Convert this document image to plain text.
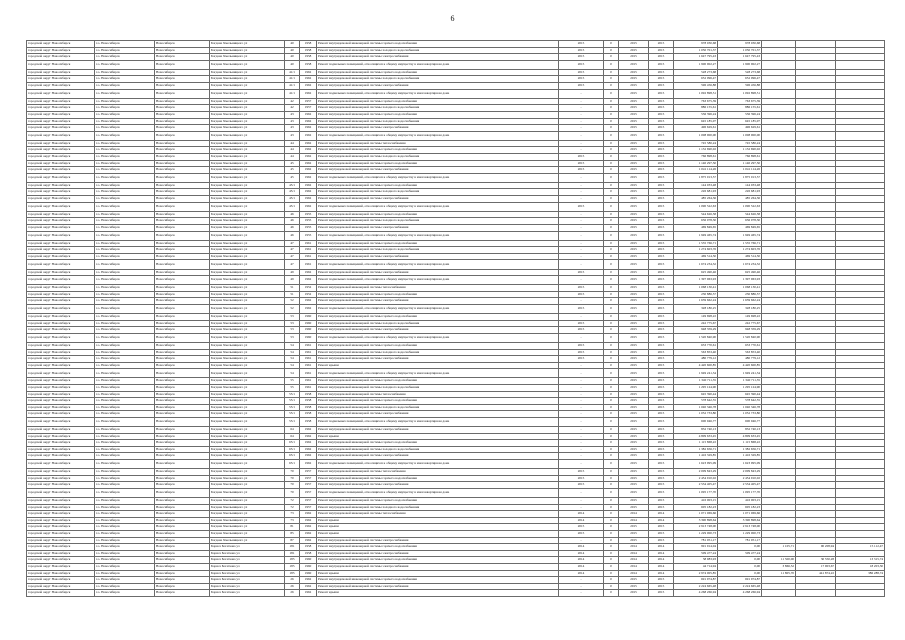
6
городской округ Новосибирск	г.о. Новосибирск	Новосибирск	Богдана Хмельницкого ул	40	1958	Ремонт внутридомовой инженерной системы горячего водоснабжения	2015	0	2015	2015	978 030,68	978 030,68			
городской округ Новосибирск	г.о. Новосибирск	Новосибирск	Богдана Хмельницкого ул	40	1958	Ремонт внутридомовой инженерной системы холодного водоснабжения	2015	0	2015	2015	1 050 701,37	1 050 701,37			
городской округ Новосибирск	г.о. Новосибирск	Новосибирск	Богдана Хмельницкого ул	40	1958	Ремонт внутридомовой инженерной системы электроснабжения	2015	0	2015	2015	1 647 795,43	1 647 795,43			
городской округ Новосибирск	г.о. Новосибирск	Новосибирск	Богдана Хмельницкого ул	40	1958	Ремонт подвальных помещений, относящихся к общему имуществу в многоквартирном доме	2015	0	2015	2015	1 900 902,27	1 900 902,27			
городской округ Новосибирск	г.о. Новосибирск	Новосибирск	Богдана Хмельницкого ул	41/1	1962	Ремонт внутридомовой инженерной системы горячего водоснабжения	2015	0	2015	2015	528 273,68	528 273,68			
городской округ Новосибирск	г.о. Новосибирск	Новосибирск	Богдана Хмельницкого ул	41/1	1962	Ремонт внутридомовой инженерной системы холодного водоснабжения	2015	0	2015	2015	652 096,47	652 096,47			
городской округ Новосибирск	г.о. Новосибирск	Новосибирск	Богдана Хмельницкого ул	41/1	1962	Ремонт внутридомовой инженерной системы электроснабжения	2015	0	2015	2015	596 456,88	596 456,88			
городской округ Новосибирск	г.о. Новосибирск	Новосибирск	Богдана Хмельницкого ул	41/1	1962	Ремонт подвальных помещений, относящихся к общему имуществу в многоквартирном доме	-	0	2015	2015	1 092 898,51	1 092 898,51			
городской округ Новосибирск	г.о. Новосибирск	Новосибирск	Богдана Хмельницкого ул	42	1957	Ремонт внутридомовой инженерной системы горячего водоснабжения	-	0	2015	2015	763 675,39	763 675,39			
городской округ Новосибирск	г.о. Новосибирск	Новосибирск	Богдана Хмельницкого ул	42	1957	Ремонт внутридомовой инженерной системы холодного водоснабжения	-	0	2015	2015	886 155,61	886 155,61			
городской округ Новосибирск	г.о. Новосибирск	Новосибирск	Богдана Хмельницкого ул	43	1962	Ремонт внутридомовой инженерной системы горячего водоснабжения	-	0	2015	2015	536 396,24	536 396,24			
городской округ Новосибирск	г.о. Новосибирск	Новосибирск	Богдана Хмельницкого ул	43	1962	Ремонт внутридомовой инженерной системы холодного водоснабжения	-	0	2015	2015	645 185,07	645 185,07			
городской округ Новосибирск	г.о. Новосибирск	Новосибирск	Богдана Хмельницкого ул	43	1962	Ремонт внутридомовой инженерной системы электроснабжения	-	0	2015	2015	496 629,61	496 629,61			
городской округ Новосибирск	г.о. Новосибирск	Новосибирск	Богдана Хмельницкого ул	43	1962	Ремонт подвальных помещений, относящихся к общему имуществу в многоквартирном доме	-	0	2015	2015	1 008 900,00	1 008 900,00			
городской округ Новосибирск	г.о. Новосибирск	Новосибирск	Богдана Хмельницкого ул	44	1962	Ремонт внутридомовой инженерной системы теплоснабжения	-	0	2015	2015	745 580,24	745 580,24			
городской округ Новосибирск	г.о. Новосибирск	Новосибирск	Богдана Хмельницкого ул	44	1962	Ремонт внутридомовой инженерной системы горячего водоснабжения	-	0	2015	2015	1 132 690,02	1 132 690,02			
городской округ Новосибирск	г.о. Новосибирск	Новосибирск	Богдана Хмельницкого ул	44	1962	Ремонт внутридомовой инженерной системы холодного водоснабжения	2015	0	2015	2015	766 898,61	766 898,61			
городской округ Новосибирск	г.о. Новосибирск	Новосибирск	Богдана Хмельницкого ул	45	1962	Ремонт внутридомовой инженерной системы горячего водоснабжения	2015	0	2015	2015	1 140 297,50	1 140 297,50			
городской округ Новосибирск	г.о. Новосибирск	Новосибирск	Богдана Хмельницкого ул	45	1962	Ремонт внутридомовой инженерной системы электроснабжения	2015	0	2015	2015	1 041 114,26	1 041 114,26			
городской округ Новосибирск	г.о. Новосибирск	Новосибирск	Богдана Хмельницкого ул	45	1962	Ремонт подвальных помещений, относящихся к общему имуществу в многоквартирном доме	-	0	2015	2015	1 875 013,57	1 875 013,57			
городской округ Новосибирск	г.о. Новосибирск	Новосибирск	Богдана Хмельницкого ул	45/1	1962	Ремонт внутридомовой инженерной системы горячего водоснабжения	-	0	2015	2015	144 033,48	144 033,48			
городской округ Новосибирск	г.о. Новосибирск	Новосибирск	Богдана Хмельницкого ул	45/1	1962	Ремонт внутридомовой инженерной системы холодного водоснабжения	-	0	2015	2015	226 681,93	226 681,93			
городской округ Новосибирск	г.о. Новосибирск	Новосибирск	Богдана Хмельницкого ул	45/1	1962	Ремонт внутридомовой инженерной системы электроснабжения	-	0	2015	2015	485 264,36	485 264,36			
городской округ Новосибирск	г.о. Новосибирск	Новосибирск	Богдана Хмельницкого ул	45/1	1962	Ремонт подвальных помещений, относящихся к общему имуществу в многоквартирном доме	2015	0	2015	2015	1 090 522,63	1 090 522,63			
городской округ Новосибирск	г.о. Новосибирск	Новосибирск	Богдана Хмельницкого ул	46	1955	Ремонт внутридомовой инженерной системы горячего водоснабжения	-	0	2015	2015	544 626,58	544 626,58			
городской округ Новосибирск	г.о. Новосибирск	Новосибирск	Богдана Хмельницкого ул	46	1955	Ремонт внутридомовой инженерной системы холодного водоснабжения	-	0	2015	2015	636 078,30	636 078,30			
городской округ Новосибирск	г.о. Новосибирск	Новосибирск	Богдана Хмельницкого ул	46	1955	Ремонт внутридомовой инженерной системы электроснабжения	-	0	2015	2015	469 849,65	469 849,65			
городской округ Новосибирск	г.о. Новосибирск	Новосибирск	Богдана Хмельницкого ул	46	1955	Ремонт подвальных помещений, относящихся к общему имуществу в многоквартирном доме	-	0	2015	2015	1 949 465,74	1 949 465,74			
городской округ Новосибирск	г.о. Новосибирск	Новосибирск	Богдана Хмельницкого ул	47	1961	Ремонт внутридомовой инженерной системы горячего водоснабжения	-	0	2015	2015	1 535 766,71	1 535 766,71			
городской округ Новосибирск	г.о. Новосибирск	Новосибирск	Богдана Хмельницкого ул	47	1961	Ремонт внутридомовой инженерной системы холодного водоснабжения	-	0	2015	2015	1 274 603,76	1 274 603,76			
городской округ Новосибирск	г.о. Новосибирск	Новосибирск	Богдана Хмельницкого ул	47	1961	Ремонт внутридомовой инженерной системы электроснабжения	-	0	2015	2015	469 514,50	469 514,50			
городской округ Новосибирск	г.о. Новосибирск	Новосибирск	Богдана Хмельницкого ул	47	1961	Ремонт подвальных помещений, относящихся к общему имуществу в многоквартирном доме	-	0	2015	2015	1 674 234,32	1 674 234,32			
городской округ Новосибирск	г.о. Новосибирск	Новосибирск	Богдана Хмельницкого ул	49	1962	Ремонт внутридомовой инженерной системы электроснабжения	2015	0	2015	2015	625 490,46	625 490,46			
городской округ Новосибирск	г.о. Новосибирск	Новосибирск	Богдана Хмельницкого ул	49	1962	Ремонт подвальных помещений, относящихся к общему имуществу в многоквартирном доме	-	0	2015	2015	1 397 963,93	1 397 963,93			
городской округ Новосибирск	г.о. Новосибирск	Новосибирск	Богдана Хмельницкого ул	51	1952	Ремонт внутридомовой инженерной системы теплоснабжения	2015	0	2015	2015	1 068 130,41	1 068 130,41			
городской округ Новосибирск	г.о. Новосибирск	Новосибирск	Богдана Хмельницкого ул	51	1952	Ремонт внутридомовой инженерной системы горячего водоснабжения	2015	0	2015	2015	230 886,57	230 886,57			
городской округ Новосибирск	г.о. Новосибирск	Новосибирск	Богдана Хмельницкого ул	52	1962	Ремонт внутридомовой инженерной системы электроснабжения	-	0	2015	2015	1 639 662,24	1 639 662,24			
городской округ Новосибирск	г.о. Новосибирск	Новосибирск	Богдана Хмельницкого ул	52	1962	Ремонт подвальных помещений, относящихся к общему имуществу в многоквартирном доме	2015	0	2015	2015	328 180,25	328 180,25			
городской округ Новосибирск	г.о. Новосибирск	Новосибирск	Богдана Хмельницкого ул	53	1960	Ремонт внутридомовой инженерной системы горячего водоснабжения	-	0	2015	2015	149 698,22	149 698,22			
городской округ Новосибирск	г.о. Новосибирск	Новосибирск	Богдана Хмельницкого ул	53	1960	Ремонт внутридомовой инженерной системы холодного водоснабжения	2015	0	2015	2015	242 775,67	242 775,67			
городской округ Новосибирск	г.о. Новосибирск	Новосибирск	Богдана Хмельницкого ул	53	1960	Ремонт внутридомовой инженерной системы электроснабжения	2015	0	2015	2015	948 359,29	948 359,29			
городской округ Новосибирск	г.о. Новосибирск	Новосибирск	Богдана Хмельницкого ул	53	1960	Ремонт подвальных помещений, относящихся к общему имуществу в многоквартирном доме	-	0	2015	2015	1 520 840,90	1 520 840,90			
городской округ Новосибирск	г.о. Новосибирск	Новосибирск	Богдана Хмельницкого ул	54	1961	Ремонт внутридомовой инженерной системы горячего водоснабжения	2015	0	2015	2015	633 770,61	633 770,61			
городской округ Новосибирск	г.о. Новосибирск	Новосибирск	Богдана Хмельницкого ул	54	1961	Ремонт внутридомовой инженерной системы холодного водоснабжения	2015	0	2015	2015	563 853,40	563 853,40			
городской округ Новосибирск	г.о. Новосибирск	Новосибирск	Богдана Хмельницкого ул	54	1961	Ремонт внутридомовой инженерной системы электроснабжения	2015	0	2015	2015	480 779,12	480 779,12			
городской округ Новосибирск	г.о. Новосибирск	Новосибирск	Богдана Хмельницкого ул	54	1961	Ремонт крыши	-	0	2015	2015	4 420 600,85	4 420 600,85			
городской округ Новосибирск	г.о. Новосибирск	Новосибирск	Богдана Хмельницкого ул	54	1961	Ремонт подвальных помещений, относящихся к общему имуществу в многоквартирном доме	-	0	2015	2015	1 949 241,34	1 949 241,34			
городской округ Новосибирск	г.о. Новосибирск	Новосибирск	Богдана Хмельницкого ул	55	1961	Ремонт внутридомовой инженерной системы горячего водоснабжения	-	0	2015	2015	1 340 711,35	1 340 711,35			
городской округ Новосибирск	г.о. Новосибирск	Новосибирск	Богдана Хмельницкого ул	55	1961	Ремонт внутридомовой инженерной системы холодного водоснабжения	-	0	2015	2015	1 295 124,90	1 295 124,90			
городской округ Новосибирск	г.о. Новосибирск	Новосибирск	Богдана Хмельницкого ул	55/1	1958	Ремонт внутридомовой инженерной системы теплоснабжения	-	0	2015	2015	645 390,44	645 390,44			
городской округ Новосибирск	г.о. Новосибирск	Новосибирск	Богдана Хмельницкого ул	55/1	1958	Ремонт внутридомовой инженерной системы горячего водоснабжения	-	0	2015	2015	578 642,55	578 642,55			
городской округ Новосибирск	г.о. Новосибирск	Новосибирск	Богдана Хмельницкого ул	55/1	1958	Ремонт внутридомовой инженерной системы холодного водоснабжения	-	0	2015	2015	1 040 346,78	1 040 346,78			
городской округ Новосибирск	г.о. Новосибирск	Новосибирск	Богдана Хмельницкого ул	55/1	1958	Ремонт внутридомовой инженерной системы электроснабжения	-	0	2015	2015	1 052 733,80	1 052 733,80			
городской округ Новосибирск	г.о. Новосибирск	Новосибирск	Богдана Хмельницкого ул	55/1	1958	Ремонт подвальных помещений, относящихся к общему имуществу в многоквартирном доме	-	0	2015	2015	600 946,77	600 946,77			
городской округ Новосибирск	г.о. Новосибирск	Новосибирск	Богдана Хмельницкого ул	64	1962	Ремонт внутридомовой инженерной системы электроснабжения	-	0	2015	2015	832 740,13	832 740,13			
городской округ Новосибирск	г.о. Новосибирск	Новосибирск	Богдана Хмельницкого ул	64	1962	Ремонт крыши	-	0	2015	2015	4 809 633,45	4 809 633,45			
городской округ Новосибирск	г.о. Новосибирск	Новосибирск	Богдана Хмельницкого ул	65/1	1962	Ремонт внутридомовой инженерной системы горячего водоснабжения	-	0	2015	2015	1 115 868,22	1 115 868,22			
городской округ Новосибирск	г.о. Новосибирск	Новосибирск	Богдана Хмельницкого ул	65/1	1962	Ремонт внутридомовой инженерной системы холодного водоснабжения	-	0	2015	2015	1 382 656,71	1 382 656,71			
городской округ Новосибирск	г.о. Новосибирск	Новосибирск	Богдана Хмельницкого ул	65/1	1962	Ремонт внутридомовой инженерной системы электроснабжения	-	0	2015	2015	1 416 329,85	1 416 329,85			
городской округ Новосибирск	г.о. Новосибирск	Новосибирск	Богдана Хмельницкого ул	65/1	1962	Ремонт подвальных помещений, относящихся к общему имуществу в многоквартирном доме	-	0	2015	2015	1 623 995,09	1 623 995,09			
городской округ Новосибирск	г.о. Новосибирск	Новосибирск	Богдана Хмельницкого ул	70	1957	Ремонт внутридомовой инженерной системы теплоснабжения	2015	0	2015	2015	2 009 843,29	2 009 843,29			
городской округ Новосибирск	г.о. Новосибирск	Новосибирск	Богдана Хмельницкого ул	70	1957	Ремонт внутридомовой инженерной системы горячего водоснабжения	2015	0	2015	2015	2 454 910,02	2 454 910,02			
городской округ Новосибирск	г.о. Новосибирск	Новосибирск	Богдана Хмельницкого ул	70	1957	Ремонт внутридомовой инженерной системы электроснабжения	2015	0	2015	2015	2 534 405,47	2 534 405,47			
городской округ Новосибирск	г.о. Новосибирск	Новосибирск	Богдана Хмельницкого ул	70	1957	Ремонт подвальных помещений, относящихся к общему имуществу в многоквартирном доме	-	0	2015	2015	1 095 177,70	1 095 177,70			
городской округ Новосибирск	г.о. Новосибирск	Новосибирск	Богдана Хмельницкого ул	72	1957	Ремонт внутридомовой инженерной системы горячего водоснабжения	-	0	2015	2015	416 003,15	416 003,15			
городской округ Новосибирск	г.о. Новосибирск	Новосибирск	Богдана Хмельницкого ул	72	1957	Ремонт внутридомовой инженерной системы холодного водоснабжения	-	0	2015	2015	605 182,23	605 182,23			
городской округ Новосибирск	г.о. Новосибирск	Новосибирск	Богдана Хмельницкого ул	73	1962	Ремонт внутридомовой инженерной системы теплоснабжения	2014	0	2014	2014	1 071 069,66	1 071 069,66			
городской округ Новосибирск	г.о. Новосибирск	Новосибирск	Богдана Хмельницкого ул	73	1962	Ремонт крыши	2014	0	2014	2014	3 390 898,64	3 390 898,64			
городской округ Новосибирск	г.о. Новосибирск	Новосибирск	Богдана Хмельницкого ул	81	1962	Ремонт крыши	2015	0	2015	2015	2 913 748,00	2 913 748,00			
городской округ Новосибирск	г.о. Новосибирск	Новосибирск	Богдана Хмельницкого ул	85	1962	Ремонт крыши	2015	0	2015	2015	1 229 000,73	1 229 000,73			
городской округ Новосибирск	г.о. Новосибирск	Новосибирск	Богдана Хмельницкого ул	87	1962	Ремонт внутридомовой инженерной системы электроснабжения	-	0	2015	2015	781 051,17	781 051,17			
городской округ Новосибирск	г.о. Новосибирск	Новосибирск	Бориса Богаткова ул	181	1958	Ремонт внутридомовой инженерной системы горячего водоснабжения	2014	0	2014	2014	991 914,04	0,00	1 105,71	90 208,94	15 112,47
городской округ Новосибирск	г.о. Новосибирск	Новосибирск	Бориса Богаткова ул	181	1958	Ремонт внутридомовой инженерной системы электроснабжения	2014	0	2014	2014	509 477,24	509 477,24			
городской округ Новосибирск	г.о. Новосибирск	Новосибирск	Бориса Богаткова ул	185	1960	Ремонт внутридомовой инженерной системы горячего водоснабжения	2014	0	2014	2014	58 983,93	0,00	11 500,00	30 550,28	13 315,74
городской округ Новосибирск	г.о. Новосибирск	Новосибирск	Бориса Богаткова ул	185	1960	Ремонт внутридомовой инженерной системы электроснабжения	2014	0	2014	2014	44 714,94	0,00	3 866,52	17 903,67	18 203,30
городской округ Новосибирск	г.о. Новосибирск	Новосибирск	Бориса Богаткова ул	185	1960	Ремонт крыши	2014	0	2014	2014	2 974 005,85	0,00	11 805,70	441 874,22	386 288,74
городской округ Новосибирск	г.о. Новосибирск	Новосибирск	Бориса Богаткова ул	26	1962	Ремонт внутридомовой инженерной системы горячего водоснабжения	-	0	2015	2015	691 974,87	691 974,87			
городской округ Новосибирск	г.о. Новосибирск	Новосибирск	Бориса Богаткова ул	26	1962	Ремонт внутридомовой инженерной системы электроснабжения	-	0	2015	2015	2 224 665,48	2 224 665,48			
городской округ Новосибирск	г.о. Новосибирск	Новосибирск	Бориса Богаткова ул	26	1962	Ремонт крыши	-	0	2015	2015	4 268 266,94	4 268 266,94			
